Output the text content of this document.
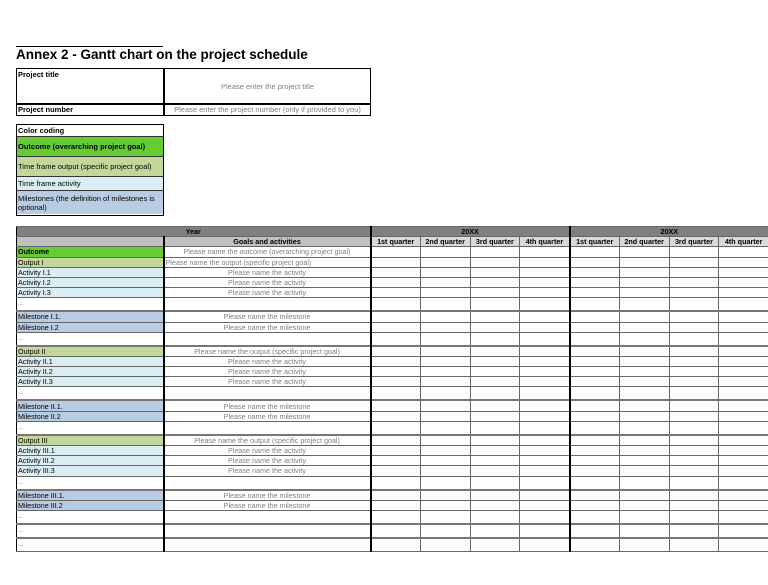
Annex 2 - Gantt chart on the project schedule
Project title
Please enter the project title
Project number	Please enter the project number (only if provided to you)
Color coding
Outcome (overarching project goal)
Time frame output (specific project goal)
Time frame activity
Milestones (the definition of milestones is optional)
Year		20XX				20XX			
	Goals and activities	1st quarter	2nd quarter	3rd quarter	4th quarter	1st quarter	2nd quarter	3rd quarter	4th quarter
Outcome	Please name the outcome (overarching project goal)								
Output I	Please name the output (specific project goal)								
Activity I.1	Please name the activity								
Activity I.2	Please name the activity								
Activity I.3	Please name the activity								
...									
Milestone I.1.	Please name the milestone								
Milestone I.2	Please name the milestone								
...									
Output II	Please name the output (specific project goal)								
Activity II.1	Please name the activity								
Activity II.2	Please name the activity								
Activity II.3	Please name the activity								
...									
Milestone II.1.	Please name the milestone								
Milestone II.2	Please name the milestone								
...									
Output III	Please name the output (specific project goal)								
Activity III.1	Please name the activity								
Activity III.2	Please name the activity								
Activity III.3	Please name the activity								
...									
Milestone III.1.	Please name the milestone								
Milestone III.2	Please name the milestone								
...									
...									
...									
